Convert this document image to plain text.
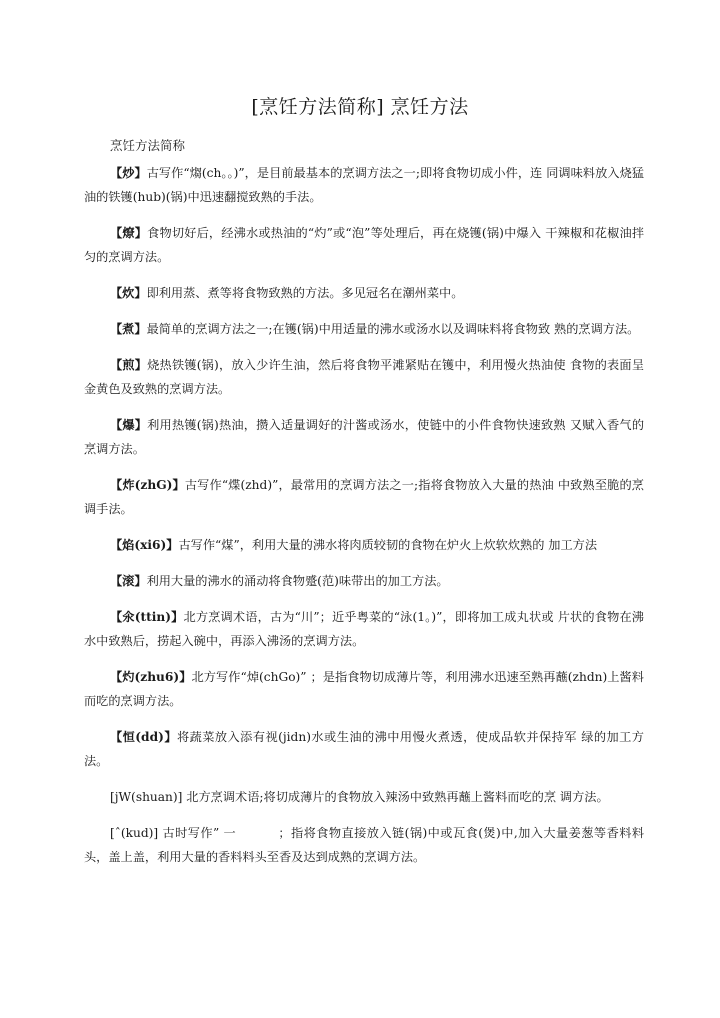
[烹饪方法简称] 烹饪方法
烹饪方法简称

【炒】古写作“煼(ch。。)”，是目前最基本的烹调方法之一;即将食物切成小件，连 同调味料放入烧猛油的铁镬(hub)(锅)中迅速翻搅致熟的手法。

【燎】食物切好后，经沸水或热油的“灼”或“泡”等处理后，再在烧镬(锅)中爆入 干辣椒和花椒油拌匀的烹调方法。

【炊】即利用蒸、煮等将食物致熟的方法。多见冠名在潮州菜中。

【煮】最简单的烹调方法之一;在镬(锅)中用适量的沸水或汤水以及调味料将食物致 熟的烹调方法。

【煎】烧热铁镬(锅)，放入少许生油，然后将食物平滩紧贴在镬中，利用慢火热油使 食物的表面呈金黄色及致熟的烹调方法。

【爆】利用热镬(锅)热油，攒入适量调好的汁酱或汤水，使链中的小件食物快速致熟 又赋入香气的烹调方法。

【炸(zhG)】古写作“煠(zhd)”，最常用的烹调方法之一;指将食物放入大量的热油 中致熟至脆的烹调手法。

【焰(xi6)】古写作“煤”，利用大量的沸水将肉质较韧的食物在炉火上炊软炊熟的 加工方法

【滚】利用大量的沸水的涌动将食物蹙(范)味带出的加工方法。

【氽(ttin)】北方烹调术语，古为“川”；近乎粤菜的“泳(1。)”，即将加工成丸状或 片状的食物在沸水中致熟后，捞起入碗中，再添入沸汤的烹调方法。

【灼(zhu6)】北方写作“焯(chGo)” ；是指食物切成薄片等，利用沸水迅速至熟再蘸(zhdn)上酱料而吃的烹调方法。

【恒(dd)】将蔬菜放入添有视(jidn)水或生油的沸中用慢火煮透，使成品软并保持军 绿的加工方法。

[jW(shuan)] 北方烹调术语;将切成薄片的食物放入辣汤中致熟再蘸上酱料而吃的烹 调方法。

[ˆ(kud)] 古时写作” 一 　　　；指将食物直接放入链(锅)中或瓦食(煲)中,加入大量姜葱等香料料头，盖上盖，利用大量的香料料头至香及达到成熟的烹调方法。
